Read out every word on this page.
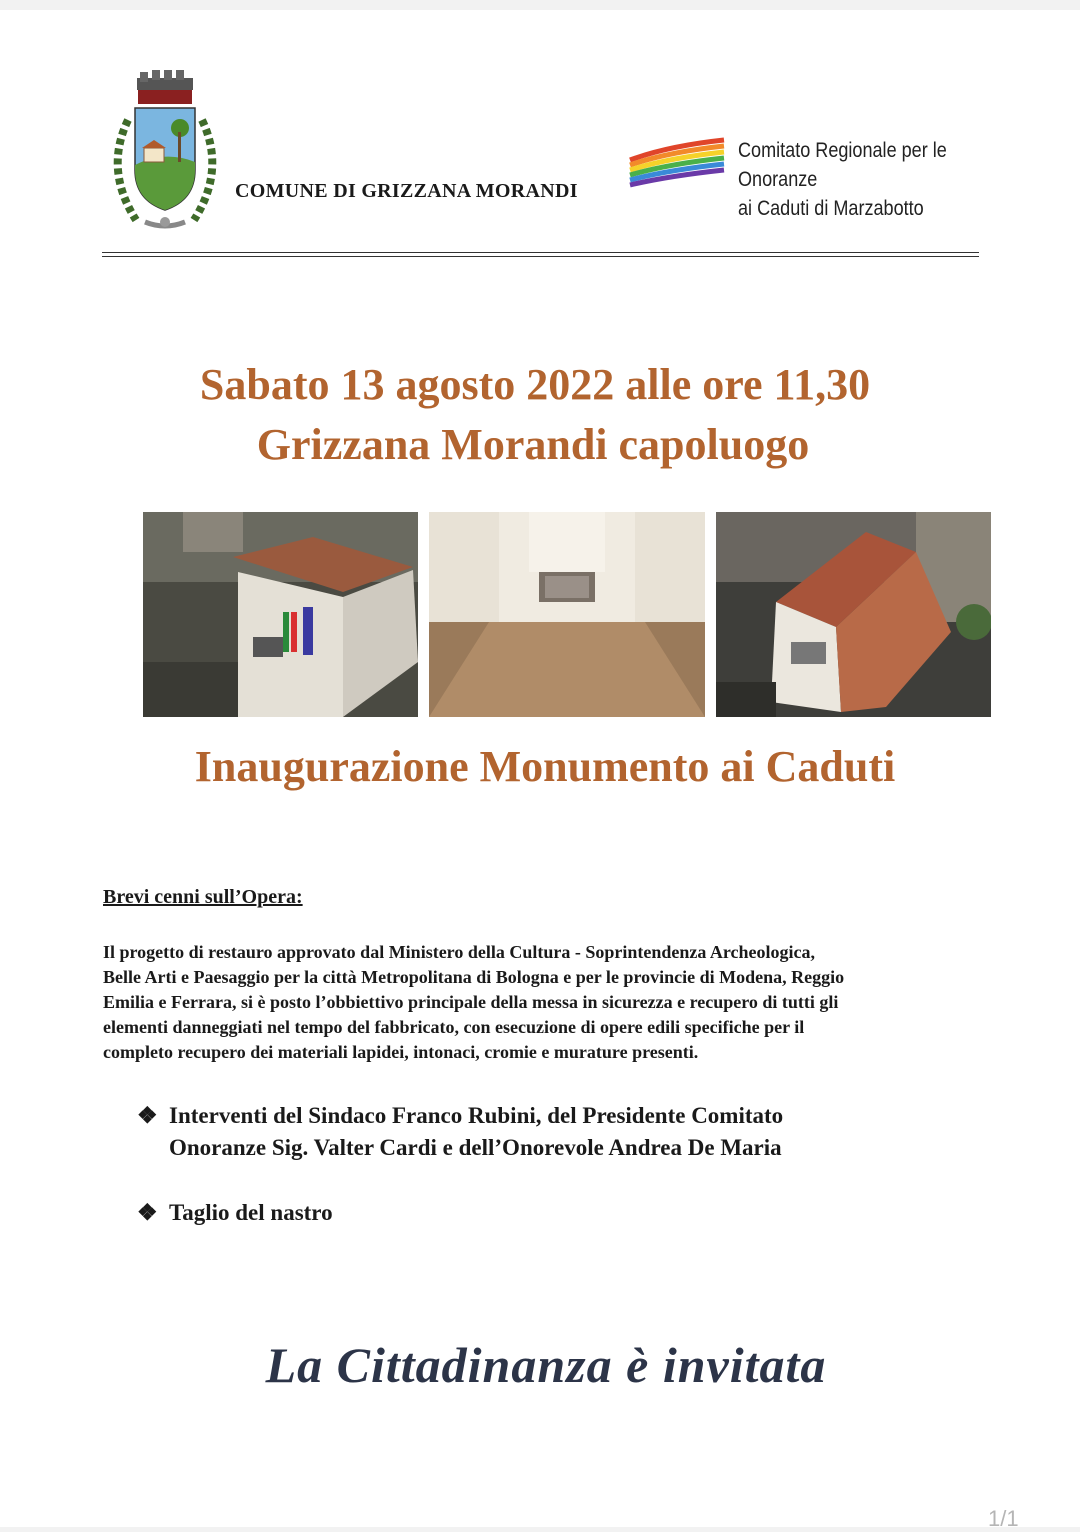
COMUNE DI GRIZZANA MORANDI
Comitato Regionale per le Onoranze
ai Caduti di Marzabotto
Sabato 13 agosto 2022 alle ore 11,30
Grizzana Morandi capoluogo
Inaugurazione Monumento ai Caduti
Brevi cenni sull’Opera:
Il progetto di restauro approvato dal Ministero della Cultura - Soprintendenza Archeologica,
Belle Arti e Paesaggio per la città Metropolitana di Bologna e per le provincie di Modena, Reggio
Emilia e Ferrara, si è posto l’obbiettivo principale della messa in sicurezza e recupero di tutti gli
elementi danneggiati nel tempo del fabbricato, con esecuzione di opere edili specifiche per il
completo recupero dei materiali lapidei, intonaci, cromie e murature presenti.
❖ Interventi del Sindaco Franco Rubini, del Presidente Comitato
Onoranze Sig. Valter Cardi e dell’Onorevole Andrea De Maria
❖ Taglio del nastro
La Cittadinanza è invitata
1/1
